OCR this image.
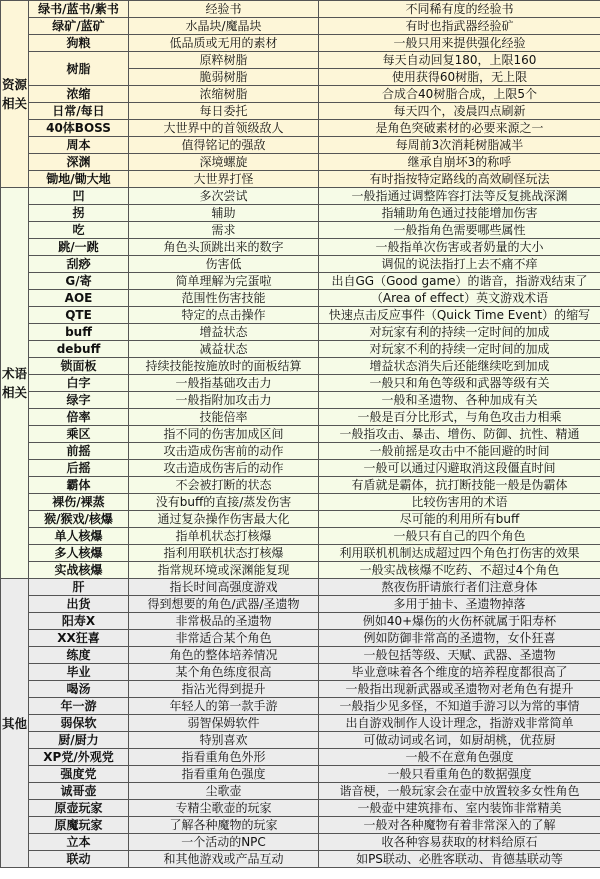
资源相关	绿书/蓝书/紫书	经验书	不同稀有度的经验书
	绿矿/蓝矿	水晶块/魔晶块	有时也指武器经验矿
	狗粮	低品质或无用的素材	一般只用来提供强化经验
	树脂	原粹树脂	每天自动回复180，上限160
		脆弱树脂	使用获得60树脂，无上限
	浓缩	浓缩树脂	合成合40树脂合成，上限5个
	日常/每日	每日委托	每天四个，凌晨四点刷新
	40体BOSS	大世界中的首领级敌人	是角色突破素材的必要来源之一
	周本	值得铭记的强敌	每周前3次消耗树脂减半
	深渊	深境螺旋	继承自崩坏3的称呼
	锄地/锄大地	大世界打怪	有时指按特定路线的高效刷怪玩法
术语相关	凹	多次尝试	一般指通过调整阵容打法等反复挑战深渊
	拐	辅助	指辅助角色通过技能增加伤害
	吃	需求	一般指角色需要哪些属性
	跳/一跳	角色头顶跳出来的数字	一般指单次伤害或者奶量的大小
	刮痧	伤害低	调侃的说法指打上去不痛不痒
	G/寄	简单理解为完蛋啦	出自GG（Good game）的谐音，指游戏结束了
	AOE	范围性伤害技能	（Area of effect）英文游戏术语
	QTE	特定的点击操作	快速点击反应事件（Quick Time Event）的缩写
	buff	增益状态	对玩家有利的持续一定时间的加成
	debuff	减益状态	对玩家不利的持续一定时间的加成
	锁面板	持续技能按施放时的面板结算	增益状态消失后还能继续吃到加成
	白字	一般指基础攻击力	一般只和角色等级和武器等级有关
	绿字	一般指附加攻击力	一般和圣遗物、各种加成有关
	倍率	技能倍率	一般是百分比形式，与角色攻击力相乘
	乘区	指不同的伤害加成区间	一般指攻击、暴击、增伤、防御、抗性、精通
	前摇	攻击造成伤害前的动作	一般前摇是攻击中不能回避的时间
	后摇	攻击造成伤害后的动作	一般可以通过闪避取消这段僵直时间
	霸体	不会被打断的状态	有盾就是霸体，抗打断技能一般是伪霸体
	裸伤/裸蒸	没有buff的直接/蒸发伤害	比较伤害用的术语
	猴/猴戏/核爆	通过复杂操作伤害最大化	尽可能的利用所有buff
	单人核爆	指单机状态打核爆	一般只有自己的四个角色
	多人核爆	指利用联机状态打核爆	利用联机机制达成超过四个角色打伤害的效果
	实战核爆	指常规环境或深渊能复现	一般实战核爆不吃药、不超过4个角色
其他	肝	指长时间高强度游戏	熬夜伤肝请旅行者们注意身体
	出货	得到想要的角色/武器/圣遗物	多用于抽卡、圣遗物掉落
	阳寿X	非常极品的圣遗物	例如40+爆伤的火伤杯就属于阳寿杯
	XX狂喜	非常适合某个角色	例如防御非常高的圣遗物，女仆狂喜
	练度	角色的整体培养情况	一般包括等级、天赋、武器、圣遗物
	毕业	某个角色练度很高	毕业意味着各个维度的培养程度都很高了
	喝汤	指沾光得到提升	一般指出现新武器或圣遗物对老角色有提升
	年一游	年轻人的第一款手游	一般指少见多怪，不知道手游习以为常的事情
	弱保软	弱智保姆软件	出自游戏制作人设计理念，指游戏非常简单
	厨/厨力	特别喜欢	可做动词或名词，如厨胡桃，优菈厨
	XP党/外观党	指看重角色外形	一般不在意角色强度
	强度党	指看重角色强度	一般只看重角色的数据强度
	诚哥壶	尘歌壶	谐音梗，一般玩家会在壶中放置较多女性角色
	原壶玩家	专精尘歌壶的玩家	一般壶中建筑排布、室内装饰非常精美
	原魔玩家	了解各种魔物的玩家	一般对各种魔物有着非常深入的了解
	立本	一个活动的NPC	收各种容易获取的材料给原石
	联动	和其他游戏或产品互动	如PS联动、必胜客联动、肯德基联动等
